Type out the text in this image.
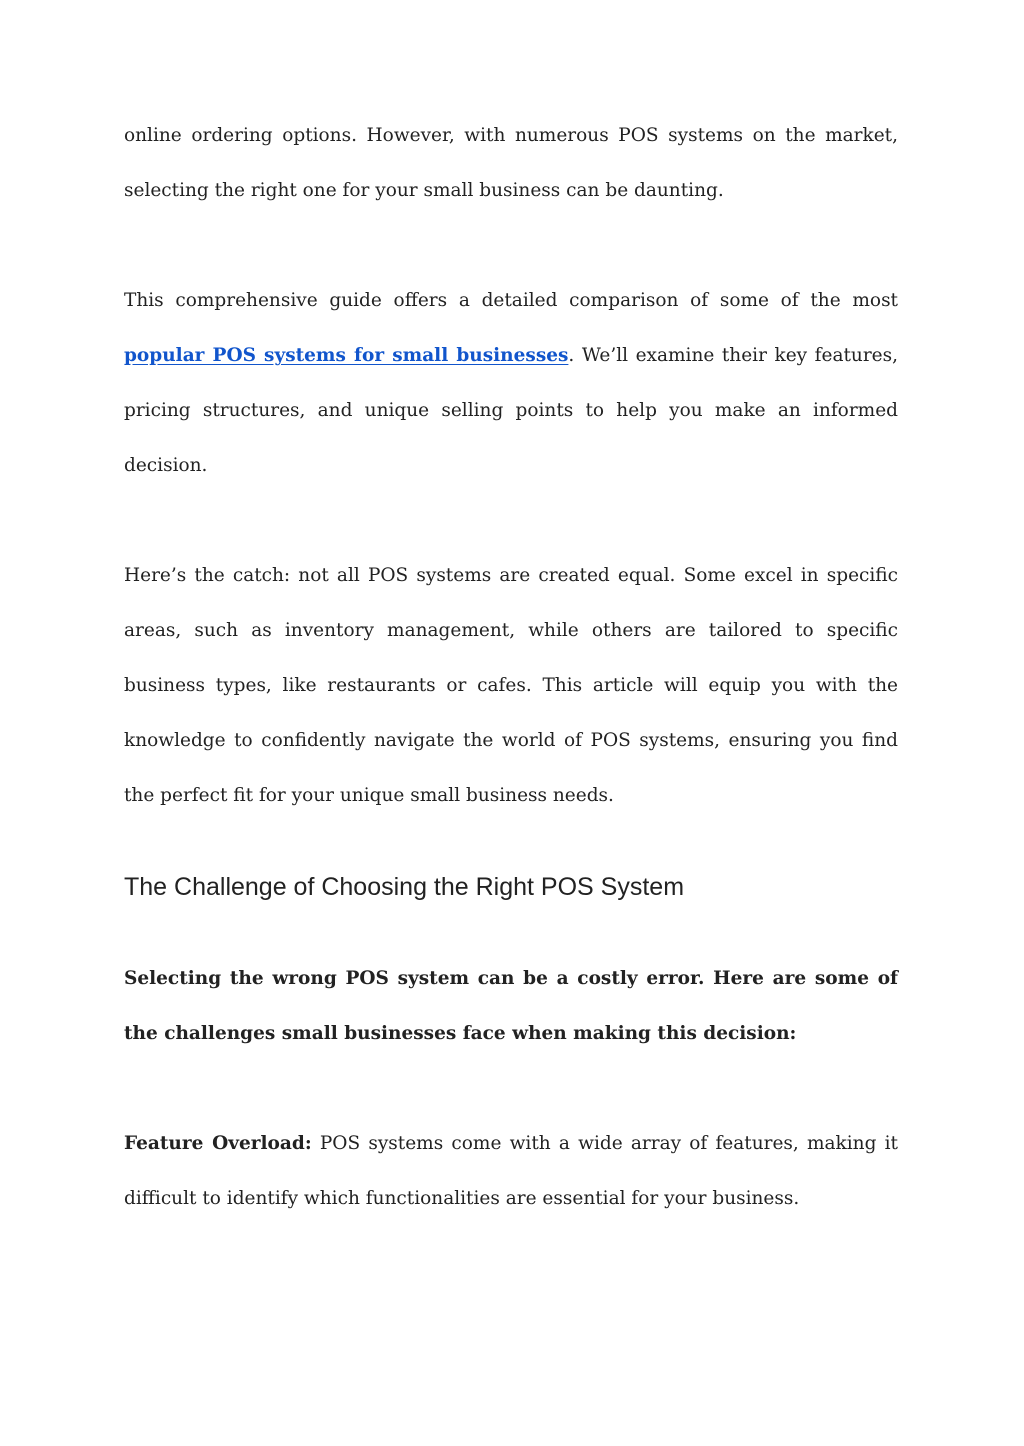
online ordering options. However, with numerous POS systems on the market, selecting the right one for your small business can be daunting.

This comprehensive guide offers a detailed comparison of some of the most popular POS systems for small businesses. We’ll examine their key features, pricing structures, and unique selling points to help you make an informed decision.

Here’s the catch: not all POS systems are created equal. Some excel in specific areas, such as inventory management, while others are tailored to specific business types, like restaurants or cafes. This article will equip you with the knowledge to confidently navigate the world of POS systems, ensuring you find the perfect fit for your unique small business needs.

The Challenge of Choosing the Right POS System

Selecting the wrong POS system can be a costly error. Here are some of the challenges small businesses face when making this decision:

Feature Overload: POS systems come with a wide array of features, making it difficult to identify which functionalities are essential for your business.
